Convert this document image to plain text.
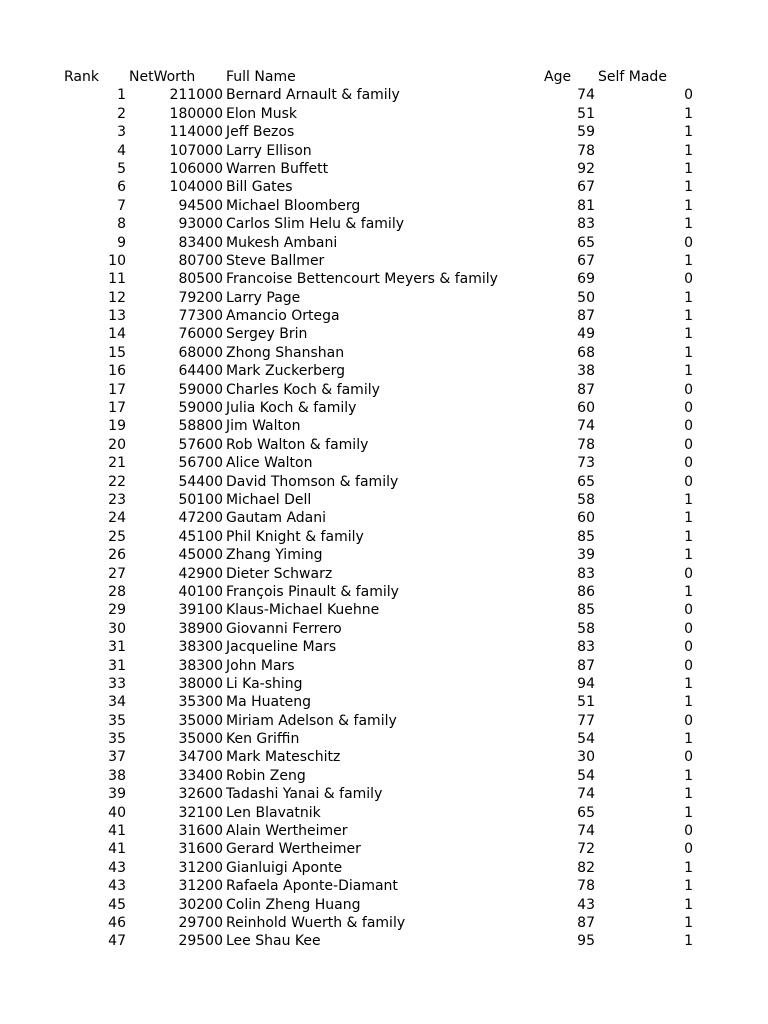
Rank NetWorth Full Name	Age Self Made
1	211000 Bernard Arnault & family	74	0
2	180000 Elon Musk	51	1
3	114000 Jeff Bezos	59	1
4	107000 Larry Ellison	78	1
5	106000 Warren Buffett	92	1
6	104000 Bill Gates	67	1
7	94500 Michael Bloomberg	81	1
8	93000 Carlos Slim Helu & family	83	1
9	83400 Mukesh Ambani	65	0
10	80700 Steve Ballmer	67	1
11	80500 Francoise Bettencourt Meyers & family	69	0
12	79200 Larry Page	50	1
13	77300 Amancio Ortega	87	1
14	76000 Sergey Brin	49	1
15	68000 Zhong Shanshan	68	1
16	64400 Mark Zuckerberg	38	1
17	59000 Charles Koch & family	87	0
17	59000 Julia Koch & family	60	0
19	58800 Jim Walton	74	0
20	57600 Rob Walton & family	78	0
21	56700 Alice Walton	73	0
22	54400 David Thomson & family	65	0
23	50100 Michael Dell	58	1
24	47200 Gautam Adani	60	1
25	45100 Phil Knight & family	85	1
26	45000 Zhang Yiming	39	1
27	42900 Dieter Schwarz	83	0
28	40100 François Pinault & family	86	1
29	39100 Klaus-Michael Kuehne	85	0
30	38900 Giovanni Ferrero	58	0
31	38300 Jacqueline Mars	83	0
31	38300 John Mars	87	0
33	38000 Li Ka-shing	94	1
34	35300 Ma Huateng	51	1
35	35000 Miriam Adelson & family	77	0
35	35000 Ken Griffin	54	1
37	34700 Mark Mateschitz	30	0
38	33400 Robin Zeng	54	1
39	32600 Tadashi Yanai & family	74	1
40	32100 Len Blavatnik	65	1
41	31600 Alain Wertheimer	74	0
41	31600 Gerard Wertheimer	72	0
43	31200 Gianluigi Aponte	82	1
43	31200 Rafaela Aponte-Diamant	78	1
45	30200 Colin Zheng Huang	43	1
46	29700 Reinhold Wuerth & family	87	1
47	29500 Lee Shau Kee	95	1
